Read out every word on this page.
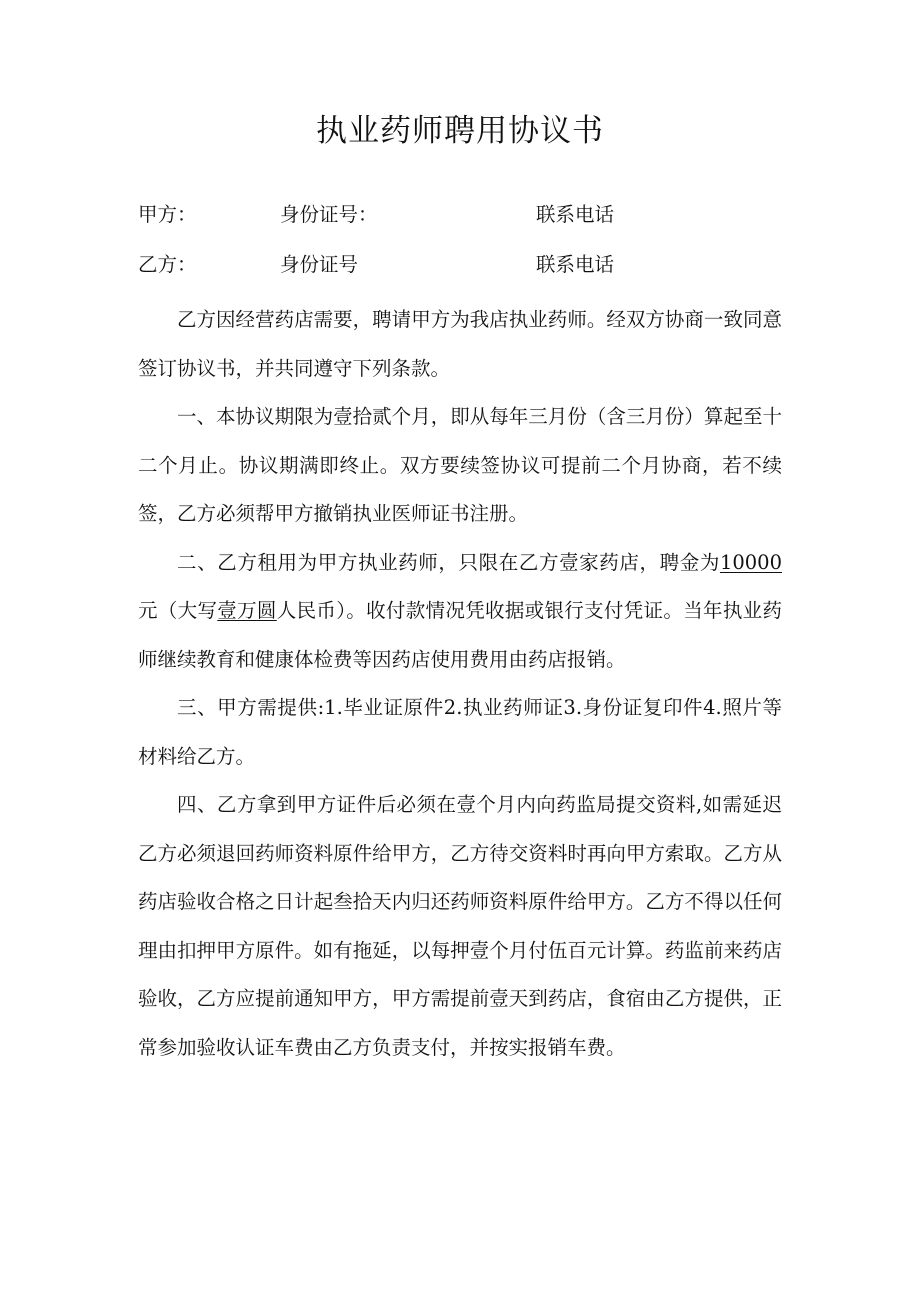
执业药师聘用协议书
甲方：	身份证号：	联系电话
乙方：	身份证号	联系电话

乙方因经营药店需要，聘请甲方为我店执业药师。经双方协商一致同意签订协议书，并共同遵守下列条款。

一、本协议期限为壹拾贰个月，即从每年三月份（含三月份）算起至十二个月止。协议期满即终止。双方要续签协议可提前二个月协商，若不续签，乙方必须帮甲方撤销执业医师证书注册。

二、乙方租用为甲方执业药师，只限在乙方壹家药店，聘金为10000元（大写壹万圆人民币）。收付款情况凭收据或银行支付凭证。当年执业药师继续教育和健康体检费等因药店使用费用由药店报销。

三、甲方需提供:1.毕业证原件2.执业药师证3.身份证复印件4.照片等材料给乙方。

四、乙方拿到甲方证件后必须在壹个月内向药监局提交资料,如需延迟乙方必须退回药师资料原件给甲方，乙方待交资料时再向甲方索取。乙方从药店验收合格之日计起叁拾天内归还药师资料原件给甲方。乙方不得以任何理由扣押甲方原件。如有拖延，以每押壹个月付伍百元计算。药监前来药店验收，乙方应提前通知甲方，甲方需提前壹天到药店，食宿由乙方提供，正常参加验收认证车费由乙方负责支付，并按实报销车费。
